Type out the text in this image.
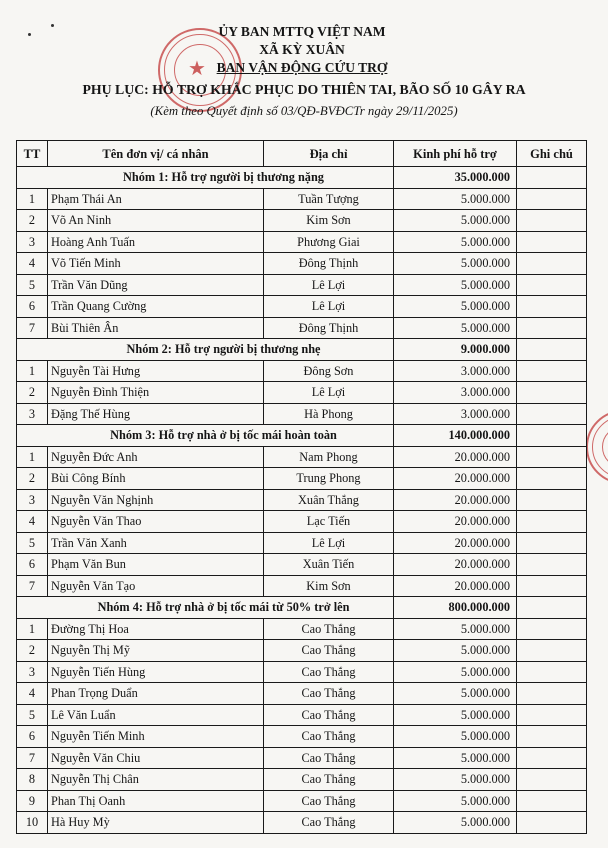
★
ỦY BAN MTTQ VIỆT NAM
XÃ KỲ XUÂN
BAN VẬN ĐỘNG CỨU TRỢ
PHỤ LỤC: HỖ TRỢ KHẮC PHỤC DO THIÊN TAI, BÃO SỐ 10 GÂY RA
(Kèm theo Quyết định số 03/QĐ-BVĐCTr ngày 29/11/2025)
TT	Tên đơn vị/ cá nhân	Địa chỉ	Kinh phí hỗ trợ	Ghi chú
Nhóm 1: Hỗ trợ người bị thương nặng	35.000.000	
1	Phạm Thái An	Tuần Tượng	5.000.000	
2	Võ An Ninh	Kim Sơn	5.000.000	
3	Hoàng Anh Tuấn	Phương Giai	5.000.000	
4	Võ Tiến Minh	Đông Thịnh	5.000.000	
5	Trần Văn Dũng	Lê Lợi	5.000.000	
6	Trần Quang Cường	Lê Lợi	5.000.000	
7	Bùi Thiên Ân	Đông Thịnh	5.000.000	
Nhóm 2: Hỗ trợ người bị thương nhẹ	9.000.000	
1	Nguyễn Tài Hưng	Đông Sơn	3.000.000	
2	Nguyễn Đình Thiện	Lê Lợi	3.000.000	
3	Đặng Thế Hùng	Hà Phong	3.000.000	
Nhóm 3: Hỗ trợ nhà ở bị tốc mái hoàn toàn	140.000.000	
1	Nguyễn Đức Anh	Nam Phong	20.000.000	
2	Bùi Công Bính	Trung Phong	20.000.000	
3	Nguyễn Văn Nghịnh	Xuân Thắng	20.000.000	
4	Nguyễn Văn Thao	Lạc Tiến	20.000.000	
5	Trần Văn Xanh	Lê Lợi	20.000.000	
6	Phạm Văn Bun	Xuân Tiến	20.000.000	
7	Nguyễn Văn Tạo	Kim Sơn	20.000.000	
Nhóm 4: Hỗ trợ nhà ở bị tốc mái từ 50% trở lên	800.000.000	
1	Đường Thị Hoa	Cao Thắng	5.000.000	
2	Nguyễn Thị Mỹ	Cao Thắng	5.000.000	
3	Nguyễn Tiến Hùng	Cao Thắng	5.000.000	
4	Phan Trọng Duẩn	Cao Thắng	5.000.000	
5	Lê Văn Luẩn	Cao Thắng	5.000.000	
6	Nguyễn Tiến Minh	Cao Thắng	5.000.000	
7	Nguyễn Văn Chiu	Cao Thắng	5.000.000	
8	Nguyễn Thị Chân	Cao Thắng	5.000.000	
9	Phan Thị Oanh	Cao Thắng	5.000.000	
10	Hà Huy Mỳ	Cao Thắng	5.000.000	
